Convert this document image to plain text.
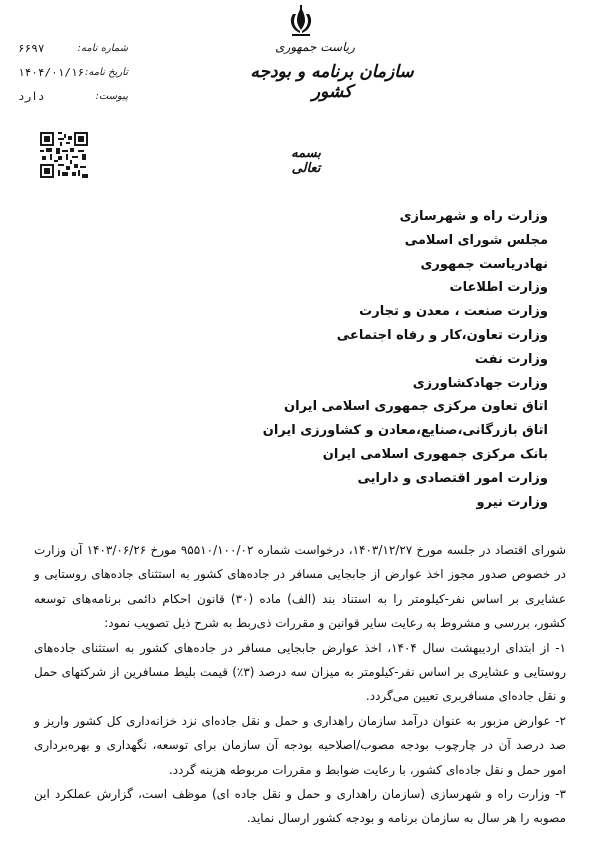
ریاست جمهوری
سازمان برنامه و بودجه کشور
شماره نامه:
۶۶۹۷
تاریخ نامه:
۱۴۰۴/۰۱/۱۶
پیوست:
دارد
بسمه تعالی
وزارت راه و شهرسازی
مجلس شورای اسلامی
نهادریاست جمهوری
وزارت اطلاعات
وزارت صنعت ، معدن و تجارت
وزارت تعاون،کار و رفاه اجتماعی
وزارت نفت
وزارت جهادکشاورزی
اتاق تعاون مرکزی جمهوری اسلامی ایران
اتاق بازرگانی،صنایع،معادن و کشاورزی ایران
بانک مرکزی جمهوری اسلامی ایران
وزارت امور اقتصادی و دارایی
وزارت نیرو

شورای اقتصاد در جلسه مورخ ۱۴۰۳/۱۲/۲۷، درخواست شماره ۹۵۵۱۰/۱۰۰/۰۲ مورخ ۱۴۰۳/۰۶/۲۶ آن وزارت در خصوص صدور مجوز اخذ عوارض از جابجایی مسافر در جاده‌های کشور به استثنای جاده‌های روستایی و عشایری بر اساس نفر-کیلومتر را به استناد بند (الف) ماده (۳۰) قانون احکام دائمی برنامه‌های توسعه کشور، بررسی و مشروط به رعایت سایر قوانین و مقررات ذی‌ربط به شرح ذیل تصویب نمود:

۱- از ابتدای اردیبهشت سال ۱۴۰۴، اخذ عوارض جابجایی مسافر در جاده‌های کشور به استثنای جاده‌های روستایی و عشایری بر اساس نفر-کیلومتر به میزان سه درصد (۳٪) قیمت بلیط مسافرین از شرکتهای حمل و نقل جاده‌ای مسافربری تعیین می‌گردد.

۲- عوارض مزبور به عنوان درآمد سازمان راهداری و حمل و نقل جاده‌ای نزد خزانه‌داری کل کشور واریز و صد درصد آن در چارچوب بودجه مصوب/اصلاحیه بودجه آن سازمان برای توسعه، نگهداری و بهره‌برداری امور حمل و نقل جاده‌ای کشور، با رعایت ضوابط و مقررات مربوطه هزینه گردد.

۳- وزارت راه و شهرسازی (سازمان راهداری و حمل و نقل جاده ای) موظف است، گزارش عملکرد این مصوبه را هر سال به سازمان برنامه و بودجه کشور ارسال نماید.
